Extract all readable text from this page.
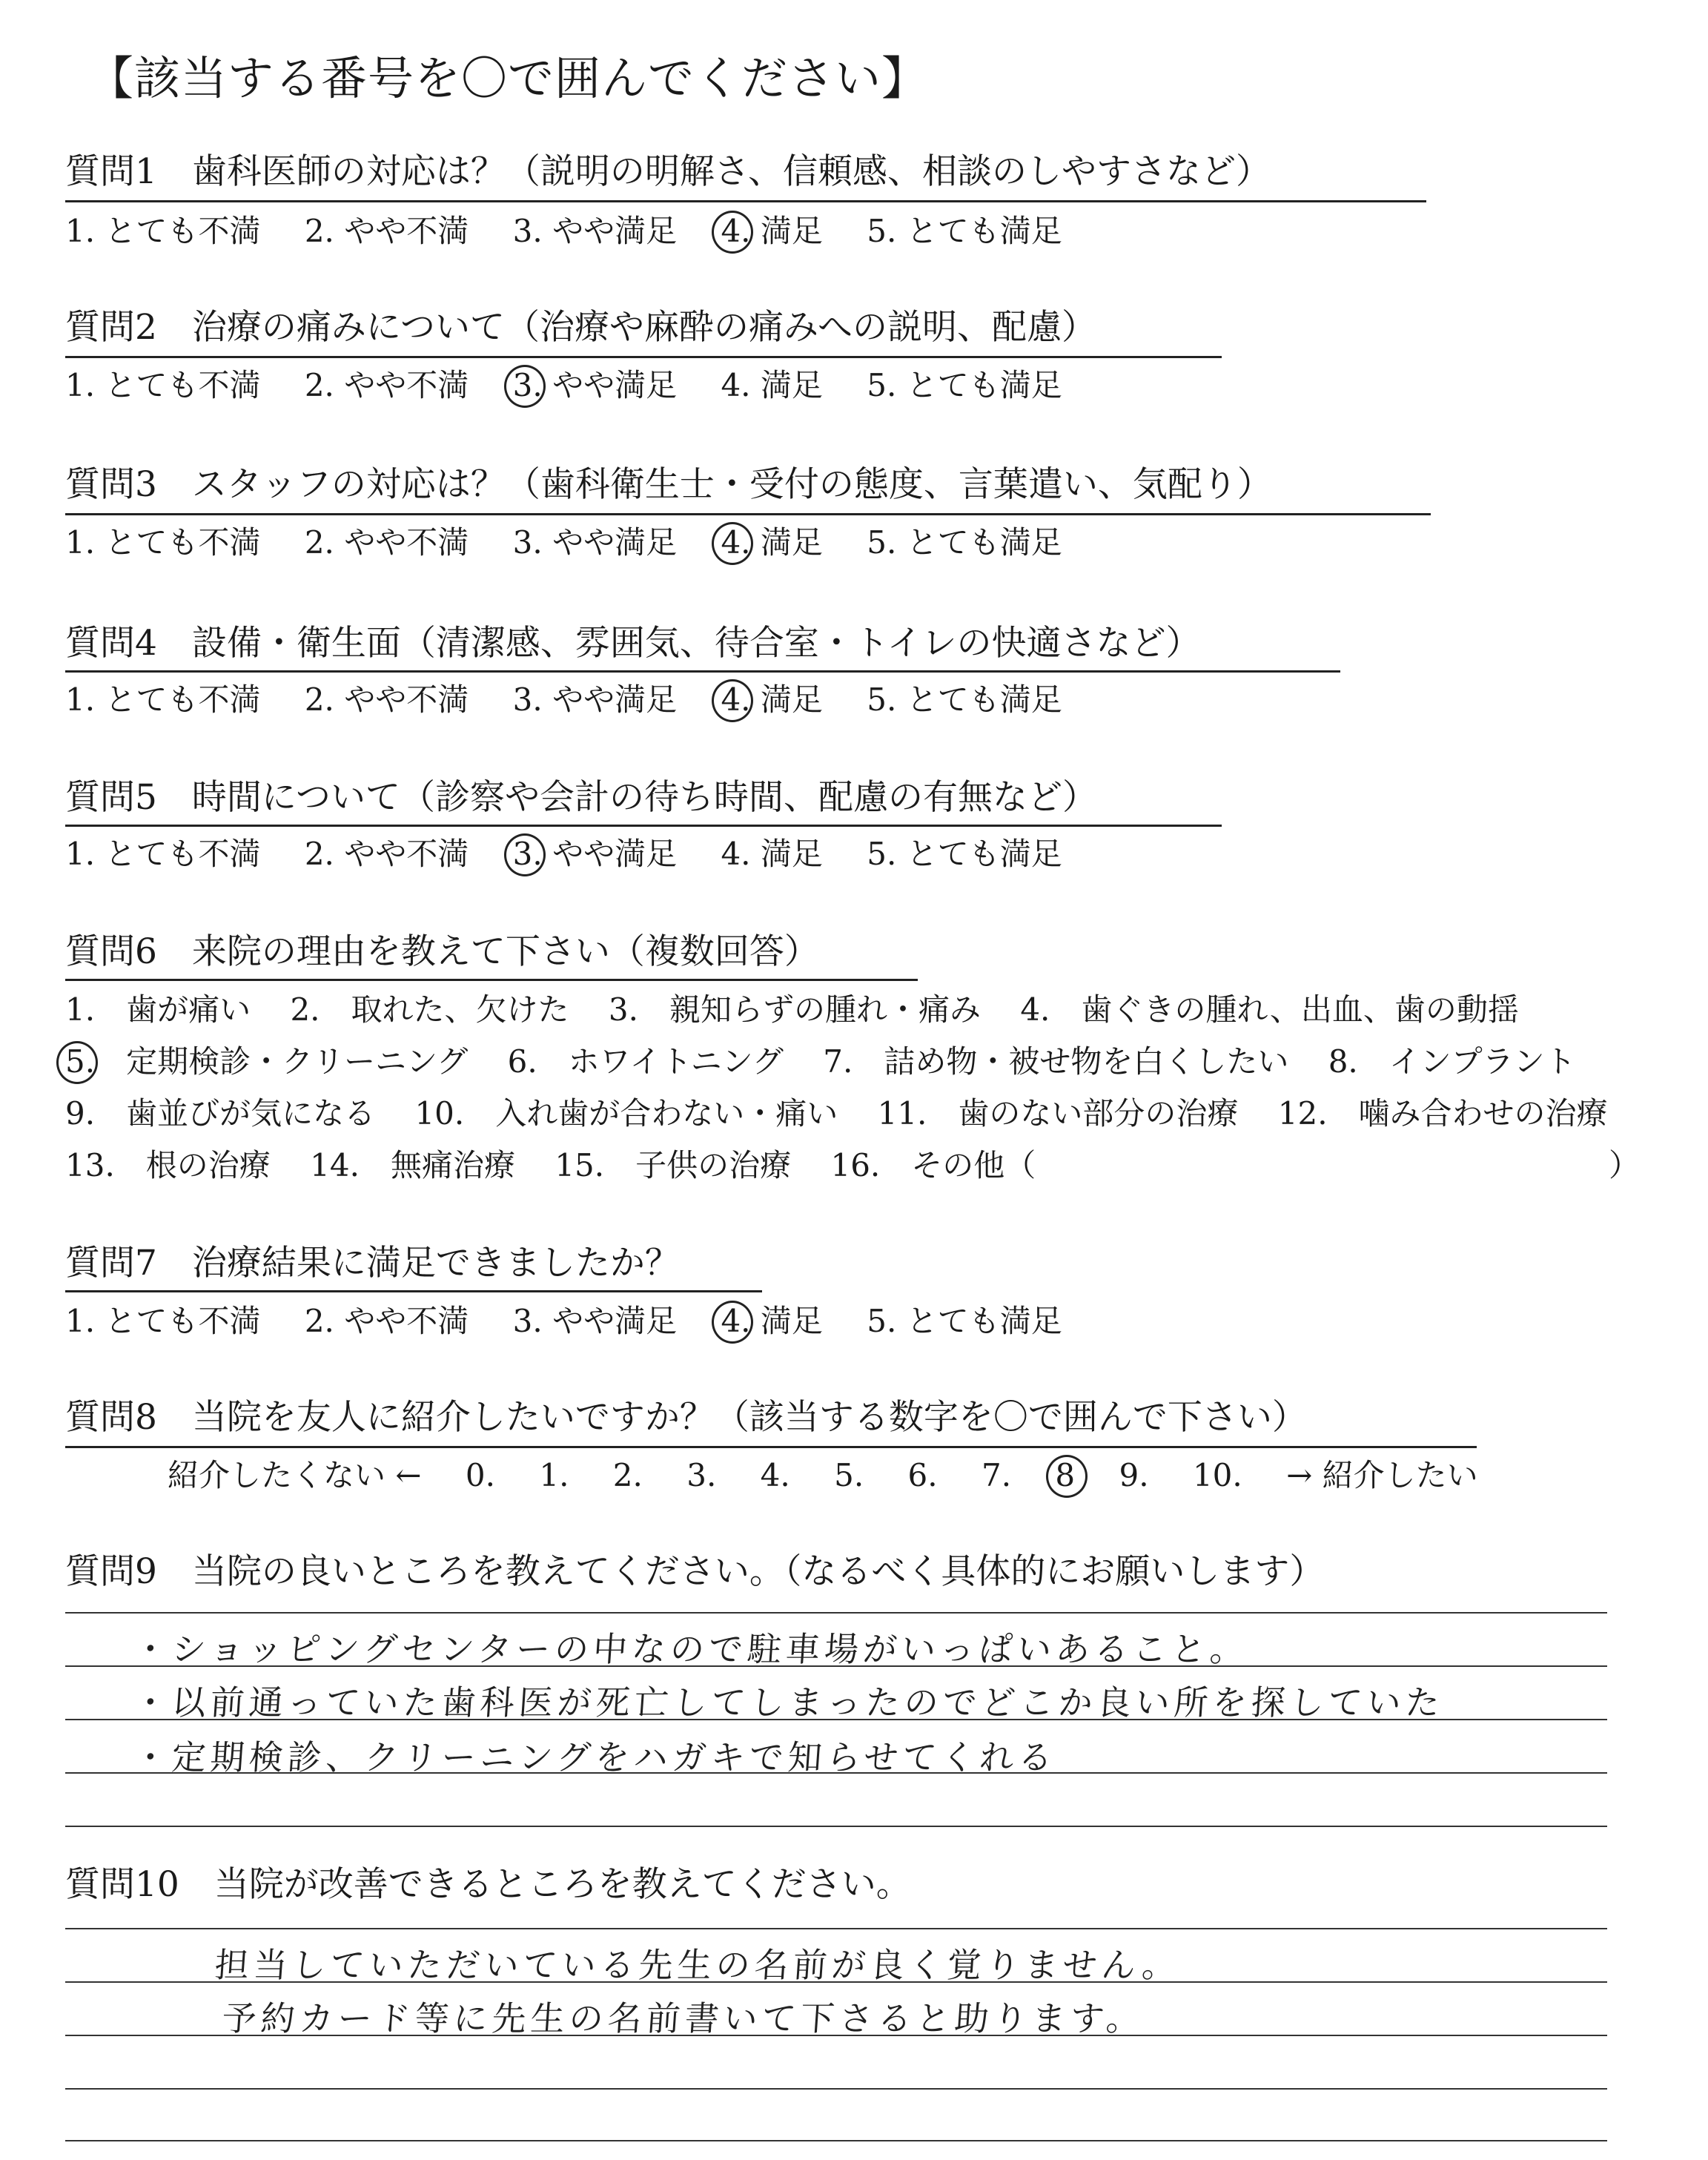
【該当する番号を〇で囲んでください】
質問1　歯科医師の対応は？（説明の明解さ、信頼感、相談のしやすさなど）
1. とても不満 2. やや不満 3. やや満足 4. 満足 5. とても満足
質問2　治療の痛みについて（治療や麻酔の痛みへの説明、配慮）
1. とても不満 2. やや不満 3. やや満足 4. 満足 5. とても満足
質問3　スタッフの対応は？（歯科衛生士・受付の態度、言葉遣い、気配り）
1. とても不満 2. やや不満 3. やや満足 4. 満足 5. とても満足
質問4　設備・衛生面（清潔感、雰囲気、待合室・トイレの快適さなど）
1. とても不満 2. やや不満 3. やや満足 4. 満足 5. とても満足
質問5　時間について（診察や会計の待ち時間、配慮の有無など）
1. とても不満 2. やや不満 3. やや満足 4. 満足 5. とても満足
質問6　来院の理由を教えて下さい（複数回答）
1.　歯が痛い 2.　取れた、欠けた 3.　親知らずの腫れ・痛み 4.　歯ぐきの腫れ、出血、歯の動揺
5.　定期検診・クリーニング 6.　ホワイトニング 7.　詰め物・被せ物を白くしたい 8.　インプラント
9.　歯並びが気になる 10.　入れ歯が合わない・痛い 11.　歯のない部分の治療 12.　噛み合わせの治療
13.　根の治療 14.　無痛治療 15.　子供の治療 16.　その他（	）
質問7　治療結果に満足できましたか？
1. とても不満 2. やや不満 3. やや満足 4. 満足 5. とても満足
質問8　当院を友人に紹介したいですか？（該当する数字を〇で囲んで下さい）
紹介したくない ← 0. 1. 2. 3. 4. 5. 6. 7. 8 9. 10. → 紹介したい
質問9　当院の良いところを教えてください。（なるべく具体的にお願いします）
・ショッピングセンターの中なので駐車場がいっぱいあること。
・以前通っていた歯科医が死亡してしまったのでどこか良い所を探していた
・定期検診、クリーニングをハガキで知らせてくれる
質問10　当院が改善できるところを教えてください。
担当していただいている先生の名前が良く覚りません。
予約カード等に先生の名前書いて下さると助ります。
